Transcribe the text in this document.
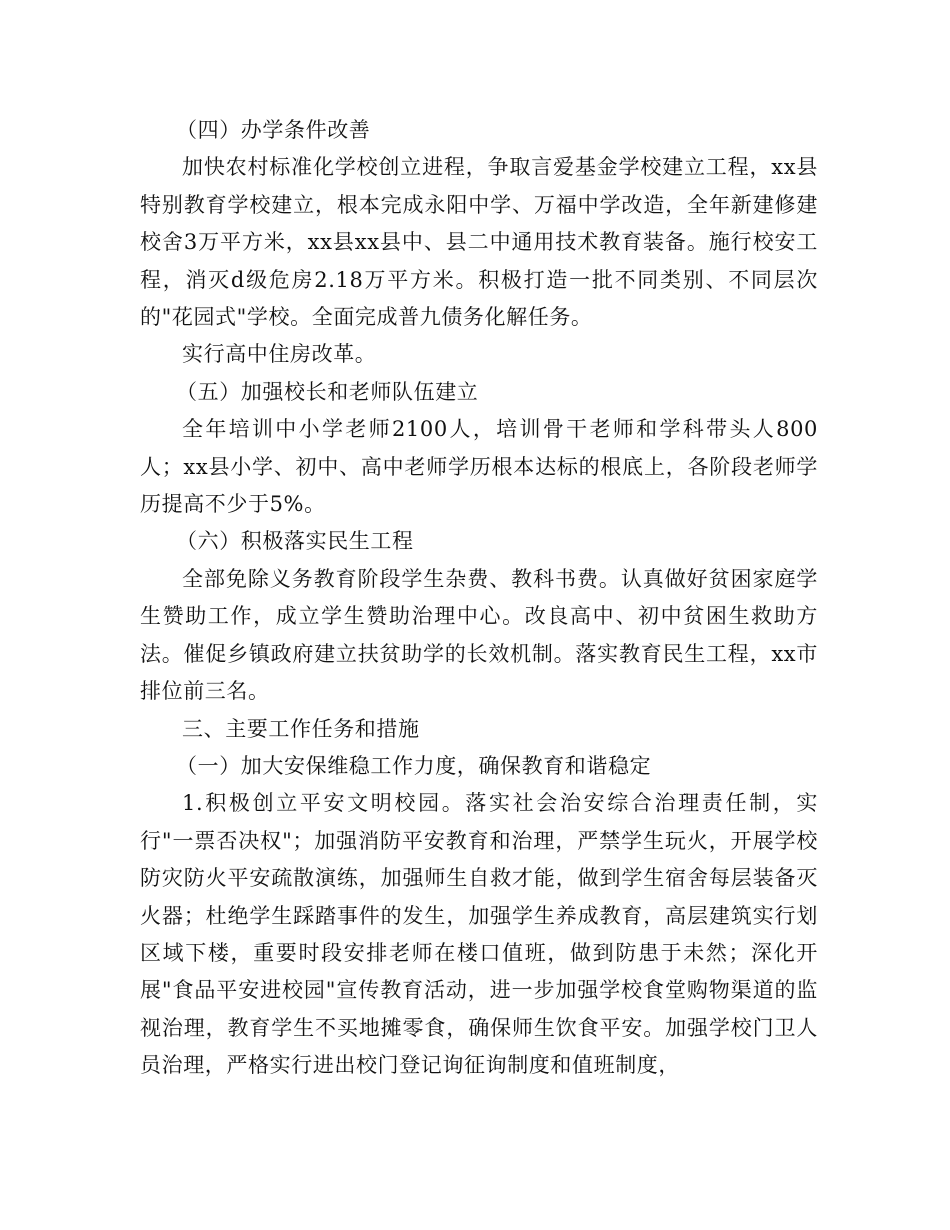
（四）办学条件改善

加快农村标准化学校创立进程，争取言爱基金学校建立工程，xx县特别教育学校建立，根本完成永阳中学、万福中学改造，全年新建修建校舍3万平方米，xx县xx县中、县二中通用技术教育装备。施行校安工程，消灭d级危房2.18万平方米。积极打造一批不同类别、不同层次的"花园式"学校。全面完成普九债务化解任务。

实行高中住房改革。

（五）加强校长和老师队伍建立

全年培训中小学老师2100人，培训骨干老师和学科带头人800人；xx县小学、初中、高中老师学历根本达标的根底上，各阶段老师学历提高不少于5%。

（六）积极落实民生工程

全部免除义务教育阶段学生杂费、教科书费。认真做好贫困家庭学生赞助工作，成立学生赞助治理中心。改良高中、初中贫困生救助方法。催促乡镇政府建立扶贫助学的长效机制。落实教育民生工程，xx市排位前三名。

三、主要工作任务和措施

（一）加大安保维稳工作力度，确保教育和谐稳定

1.积极创立平安文明校园。落实社会治安综合治理责任制，实行"一票否决权"；加强消防平安教育和治理，严禁学生玩火，开展学校防灾防火平安疏散演练，加强师生自救才能，做到学生宿舍每层装备灭火器；杜绝学生踩踏事件的发生，加强学生养成教育，高层建筑实行划区域下楼，重要时段安排老师在楼口值班，做到防患于未然；深化开展"食品平安进校园"宣传教育活动，进一步加强学校食堂购物渠道的监视治理，教育学生不买地摊零食，确保师生饮食平安。加强学校门卫人员治理，严格实行进出校门登记询征询制度和值班制度，
